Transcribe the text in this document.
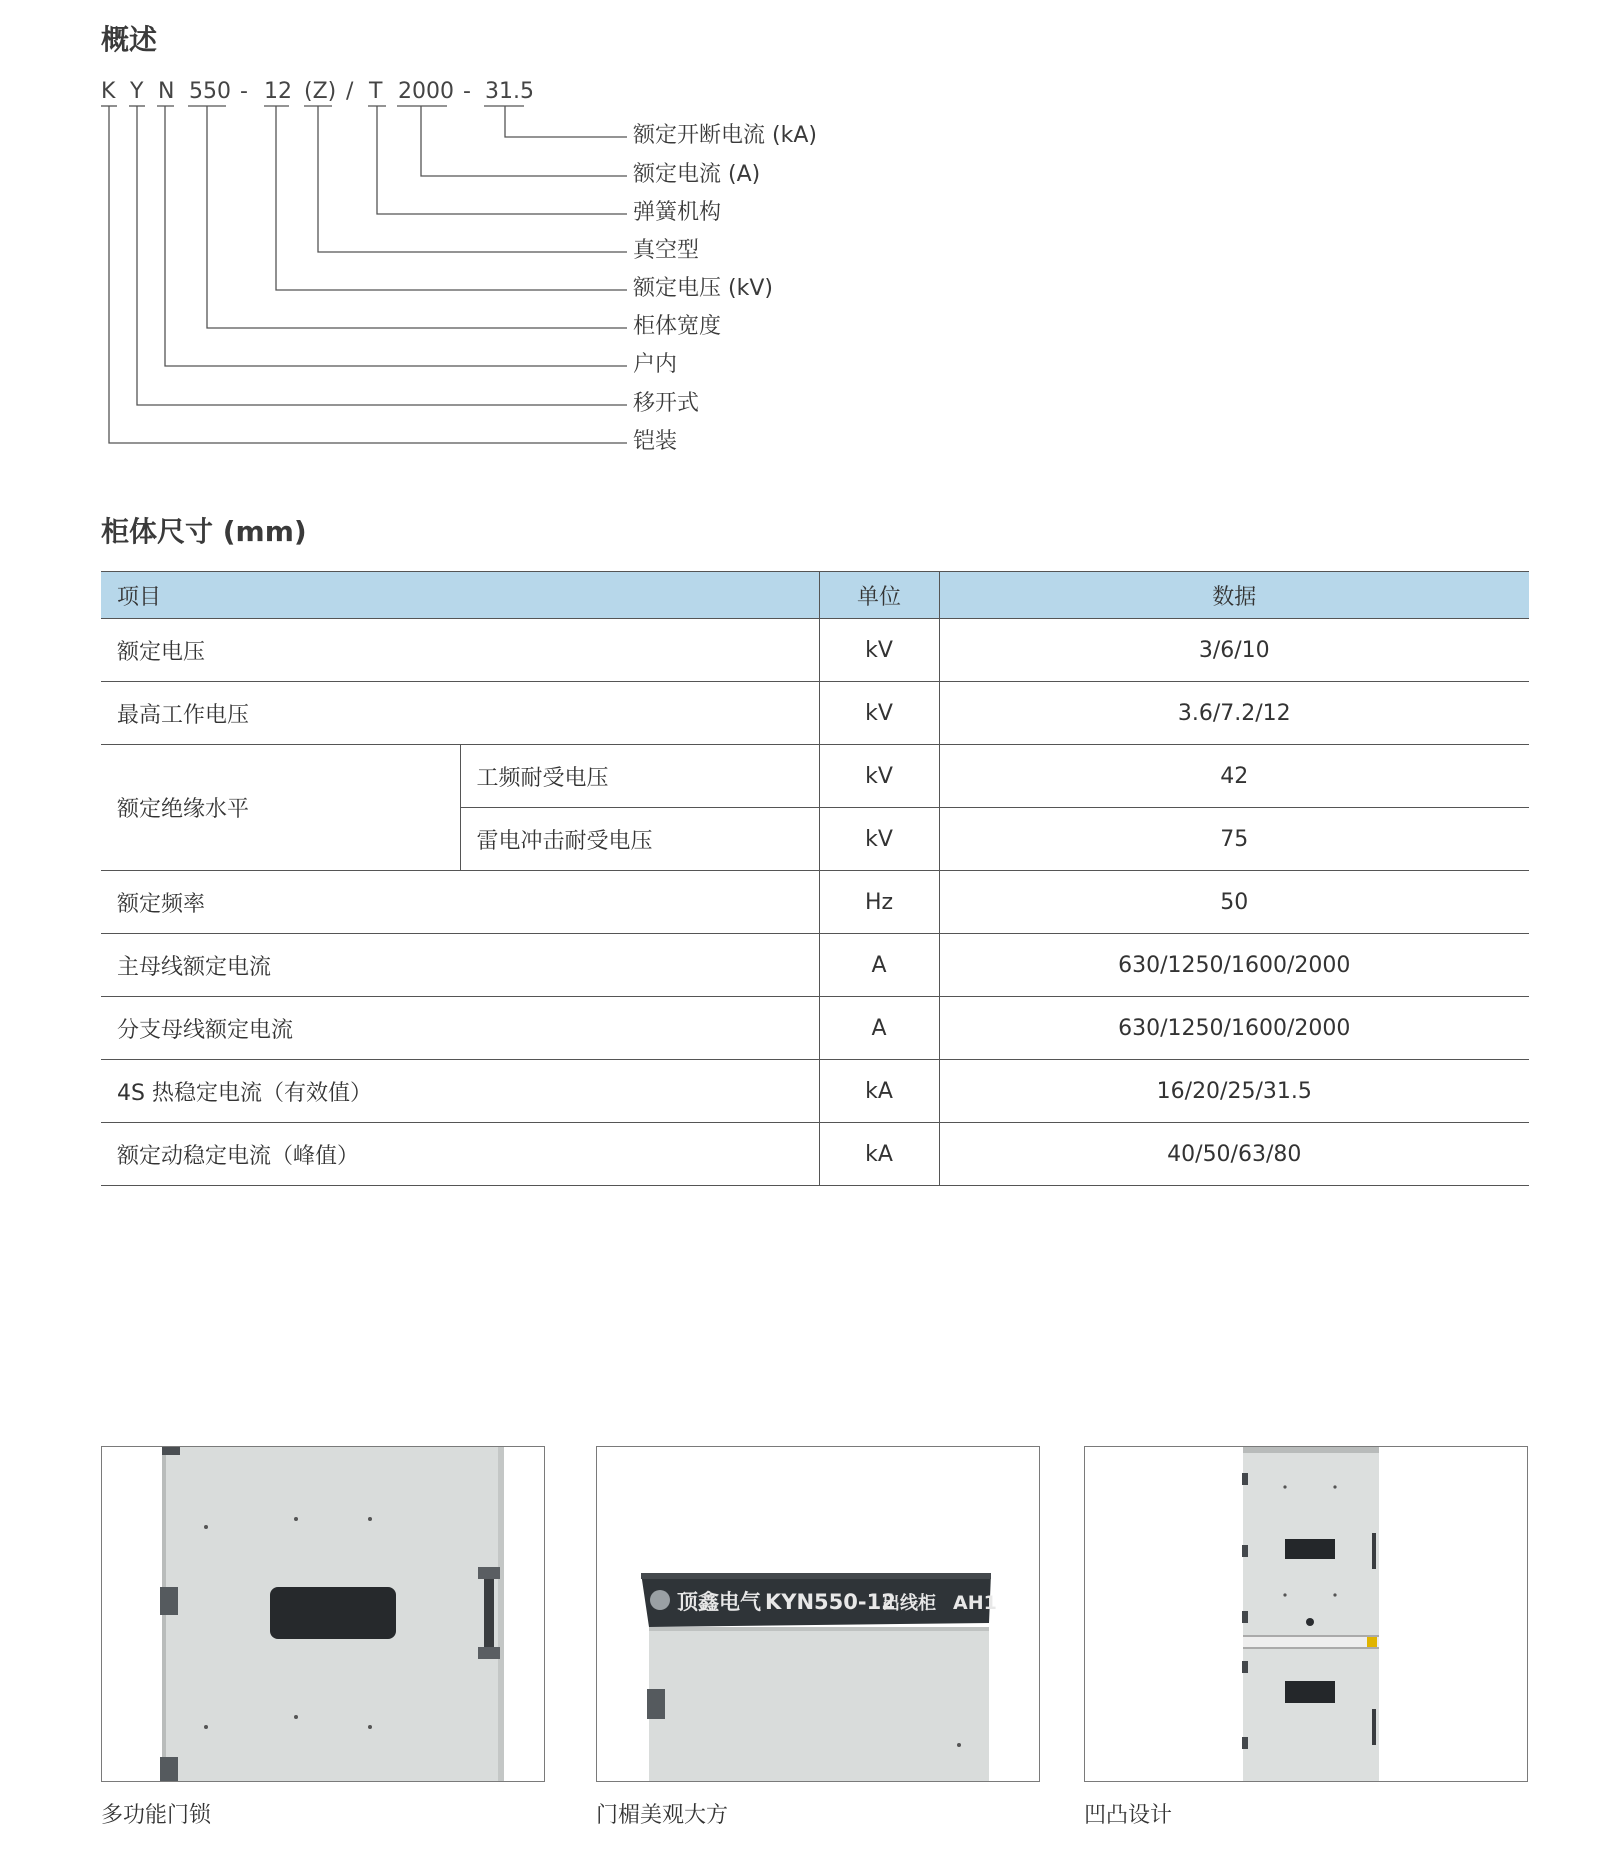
概述
K Y N 550 - 12 (Z) / T 2000 - 31.5
额定开断电流 (kA)
额定电流 (A)
弹簧机构
真空型
额定电压 (kV)
柜体宽度
户内
移开式
铠装
柜体尺寸 (mm)
项目		单位	数据
额定电压		kV	3/6/10
最高工作电压		kV	3.6/7.2/12
额定绝缘水平	工频耐受电压	kV	42
	雷电冲击耐受电压	kV	75
额定频率		Hz	50
主母线额定电流		A	630/1250/1600/2000
分支母线额定电流		A	630/1250/1600/2000
4S 热稳定电流（有效值）		kA	16/20/25/31.5
额定动稳定电流（峰值）		kA	40/50/63/80
多功能门锁
顶鑫电气 KYN550-12
出线柜 AH1
门楣美观大方	凹凸设计
